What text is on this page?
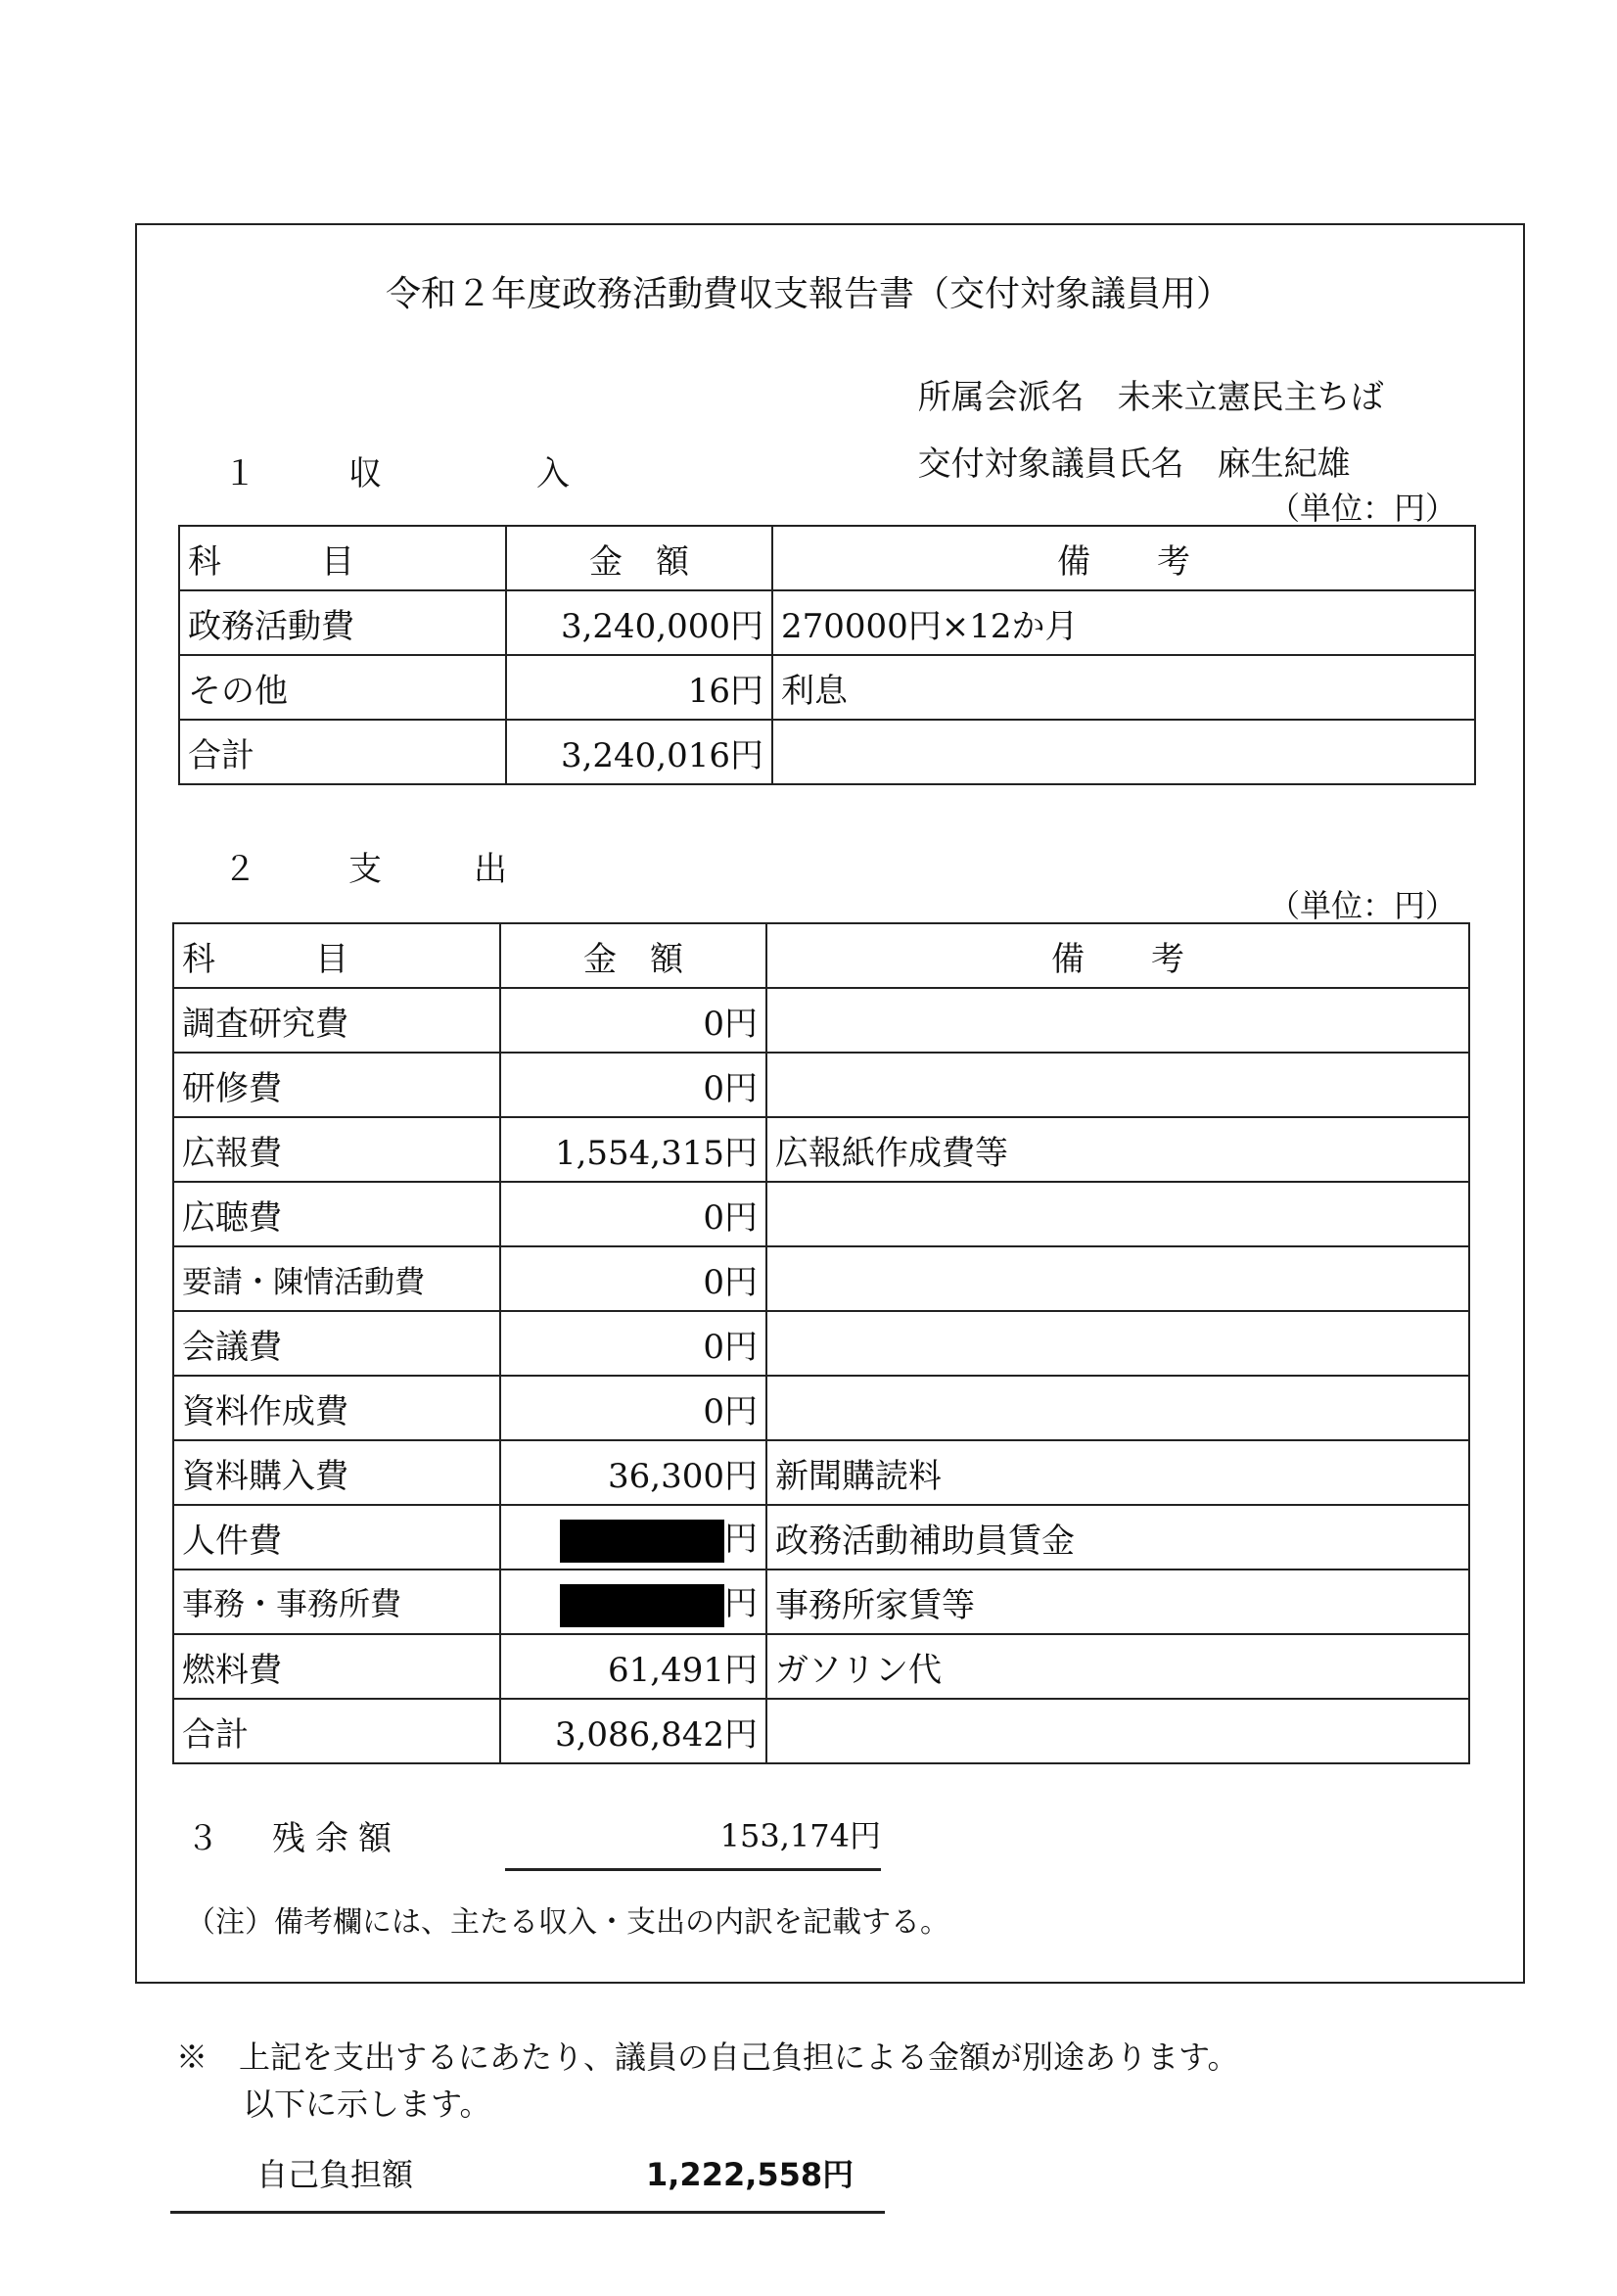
令和２年度政務活動費収支報告書（交付対象議員用）

所属会派名　 未来立憲民主ちば

交付対象議員氏名　 麻生紀雄

１　収　　入
（単位：円）
科　　　目	金　額	備　　考
政務活動費	3,240,000円	270000円×12か月
その他	16円	利息
合計	3,240,016円	
２　支　出
（単位：円）
科　　　目	金　額	備　　考
調査研究費	0円	
研修費	0円	
広報費	1,554,315円	広報紙作成費等
広聴費	0円	
要請・陳情活動費	0円	
会議費	0円	
資料作成費	0円	
資料購入費	36,300円	新聞購読料
人件費	円	政務活動補助員賃金
事務・事務所費	円	事務所家賃等
燃料費	61,491円	ガソリン代
合計	3,086,842円	
３　残余額	153,174円
（注）備考欄には、主たる収入・支出の内訳を記載する。
※　上記を支出するにあたり、議員の自己負担による金額が別途あります。
以下に示します。
自己負担額	1,222,558円
